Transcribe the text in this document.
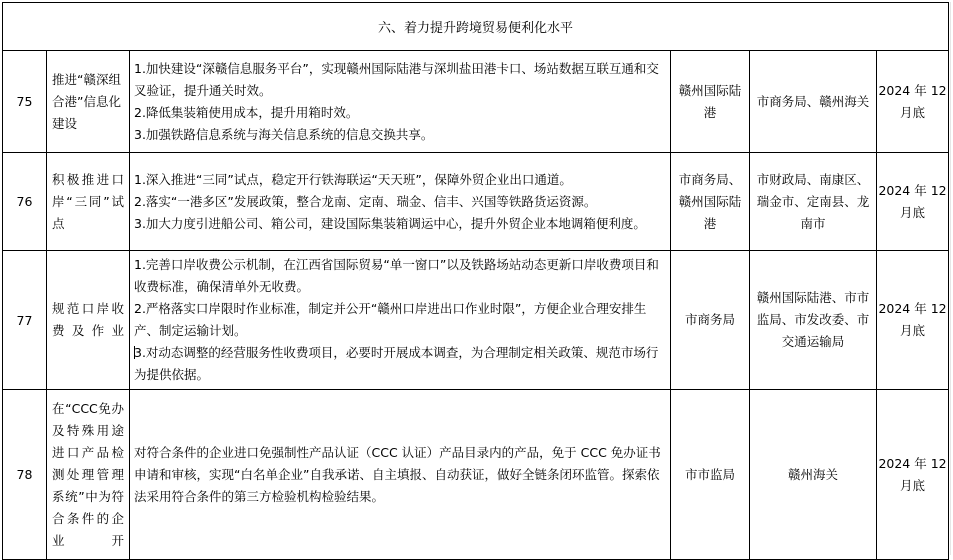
六、着力提升跨境贸易便利化水平					
75	推进“赣深组合港”信息化建设	1.加快建设“深赣信息服务平台”，实现赣州国际陆港与深圳盐田港卡口、场站数据互联互通和交叉验证，提升通关时效。
2.降低集装箱使用成本，提升用箱时效。
3.加强铁路信息系统与海关信息系统的信息交换共享。	赣州国际陆港	市商务局、赣州海关	2024 年 12 月底
76	积极推进口岸“三同”试点	1.深入推进“三同”试点，稳定开行铁海联运“天天班”，保障外贸企业出口通道。
2.落实“一港多区”发展政策，整合龙南、定南、瑞金、信丰、兴国等铁路货运资源。
3.加大力度引进船公司、箱公司，建设国际集装箱调运中心，提升外贸企业本地调箱便利度。	市商务局、赣州国际陆港	市财政局、南康区、瑞金市、定南县、龙南市	2024 年 12 月底
77	规范口岸收费及作业	1.完善口岸收费公示机制，在江西省国际贸易“单一窗口”以及铁路场站动态更新口岸收费项目和收费标准，确保清单外无收费。
2.严格落实口岸限时作业标准，制定并公开“赣州口岸进出口作业时限”，方便企业合理安排生产、制定运输计划。
3.对动态调整的经营服务性收费项目，必要时开展成本调查，为合理制定相关政策、规范市场行为提供依据。	市商务局	赣州国际陆港、市市监局、市发改委、市交通运输局	2024 年 12 月底
78	在“CCC免办及特殊用途进口产品检测处理管理系统”中为符合条件的企业开	对符合条件的企业进口免强制性产品认证（CCC 认证）产品目录内的产品，免于 CCC 免办证书申请和审核，实现“白名单企业”自我承诺、自主填报、自动获证，做好全链条闭环监管。探索依法采用符合条件的第三方检验机构检验结果。	市市监局	赣州海关	2024 年 12 月底
